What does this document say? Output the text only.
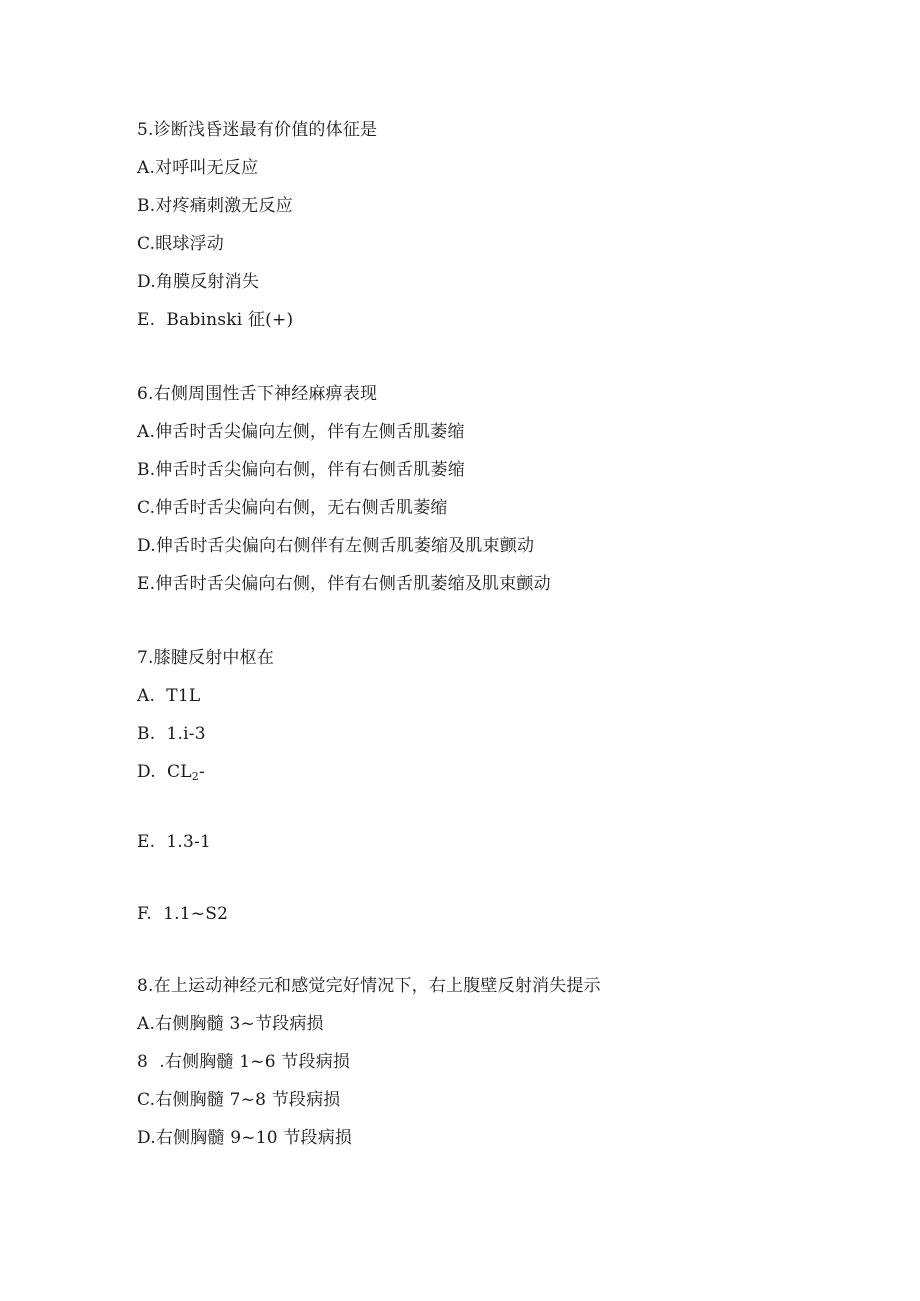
5.诊断浅昏迷最有价值的体征是
A.对呼叫无反应
B.对疼痛刺激无反应
C.眼球浮动
D.角膜反射消失
E.  Babinski 征(+)
6.右侧周围性舌下神经麻痹表现
A.伸舌时舌尖偏向左侧，伴有左侧舌肌萎缩
B.伸舌时舌尖偏向右侧，伴有右侧舌肌萎缩
C.伸舌时舌尖偏向右侧，无右侧舌肌萎缩
D.伸舌时舌尖偏向右侧伴有左侧舌肌萎缩及肌束颤动
E.伸舌时舌尖偏向右侧，伴有右侧舌肌萎缩及肌束颤动
7.膝腱反射中枢在
A.  T1L
B.  1.i-3
D.  $CL_2-$
E.  1.3-1
F.  1.1~S2
8.在上运动神经元和感觉完好情况下，右上腹壁反射消失提示
A.右侧胸髓 3~节段病损
8  .右侧胸髓 1~6 节段病损
C.右侧胸髓 7~8 节段病损
D.右侧胸髓 9~10 节段病损
